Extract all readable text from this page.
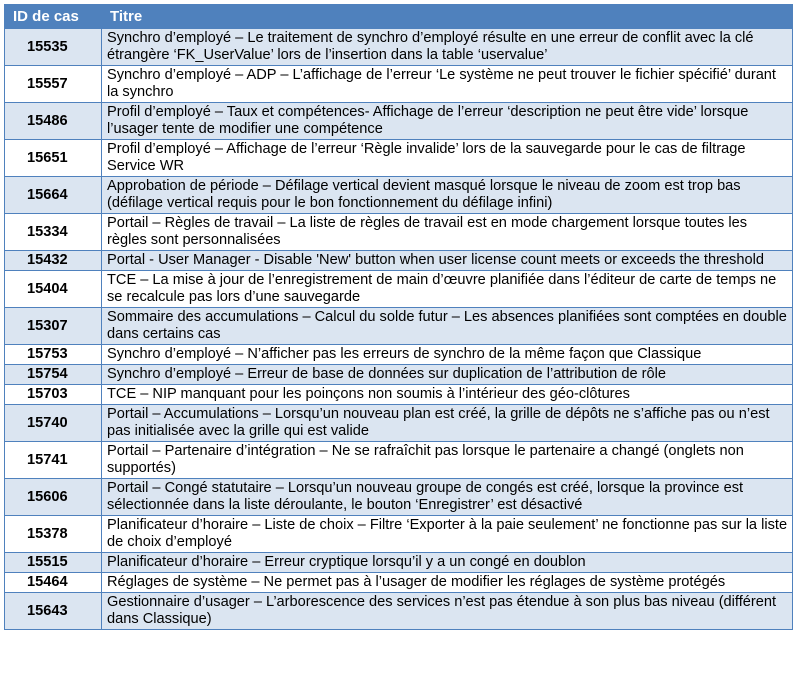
ID de cas	Titre
15535	Synchro d’employé – Le traitement de synchro d’employé résulte en une erreur de conflit avec la clé étrangère ‘FK_UserValue’ lors de l’insertion dans la table ‘uservalue’
15557	Synchro d’employé – ADP – L’affichage de l’erreur ‘Le système ne peut trouver le fichier spécifié’ durant la synchro
15486	Profil d’employé – Taux et compétences- Affichage de l’erreur ‘description ne peut être vide’ lorsque l’usager tente de modifier une compétence
15651	Profil d’employé – Affichage de l’erreur ‘Règle invalide’ lors de la sauvegarde pour le cas de filtrage Service WR
15664	Approbation de période – Défilage vertical devient masqué lorsque le niveau de zoom est trop bas (défilage vertical requis pour le bon fonctionnement du défilage infini)
15334	Portail – Règles de travail – La liste de règles de travail est en mode chargement lorsque toutes les règles sont personnalisées
15432	Portal - User Manager - Disable 'New' button when user license count meets or exceeds the threshold
15404	TCE – La mise à jour de l’enregistrement de main d’œuvre planifiée dans l’éditeur de carte de temps ne se recalcule pas lors d’une sauvegarde
15307	Sommaire des accumulations – Calcul du solde futur – Les absences planifiées sont comptées en double dans certains cas
15753	Synchro d’employé – N’afficher pas les erreurs de synchro de la même façon que Classique
15754	Synchro d’employé – Erreur de base de données sur duplication de l’attribution de rôle
15703	TCE – NIP manquant pour les poinçons non soumis à l’intérieur des géo-clôtures
15740	Portail – Accumulations – Lorsqu’un nouveau plan est créé, la grille de dépôts ne s’affiche pas ou n’est pas initialisée avec la grille qui est valide
15741	Portail – Partenaire d’intégration – Ne se rafraîchit pas lorsque le partenaire a changé (onglets non supportés)
15606	Portail – Congé statutaire – Lorsqu’un nouveau groupe de congés est créé, lorsque la province est sélectionnée dans la liste déroulante, le bouton ‘Enregistrer’ est désactivé
15378	Planificateur d’horaire – Liste de choix – Filtre ‘Exporter à la paie seulement’ ne fonctionne pas sur la liste de choix d’employé
15515	Planificateur d’horaire – Erreur cryptique lorsqu’il y a un congé en doublon
15464	Réglages de système – Ne permet pas à l’usager de modifier les réglages de système protégés
15643	Gestionnaire d’usager – L’arborescence des services n’est pas étendue à son plus bas niveau (différent dans Classique)
